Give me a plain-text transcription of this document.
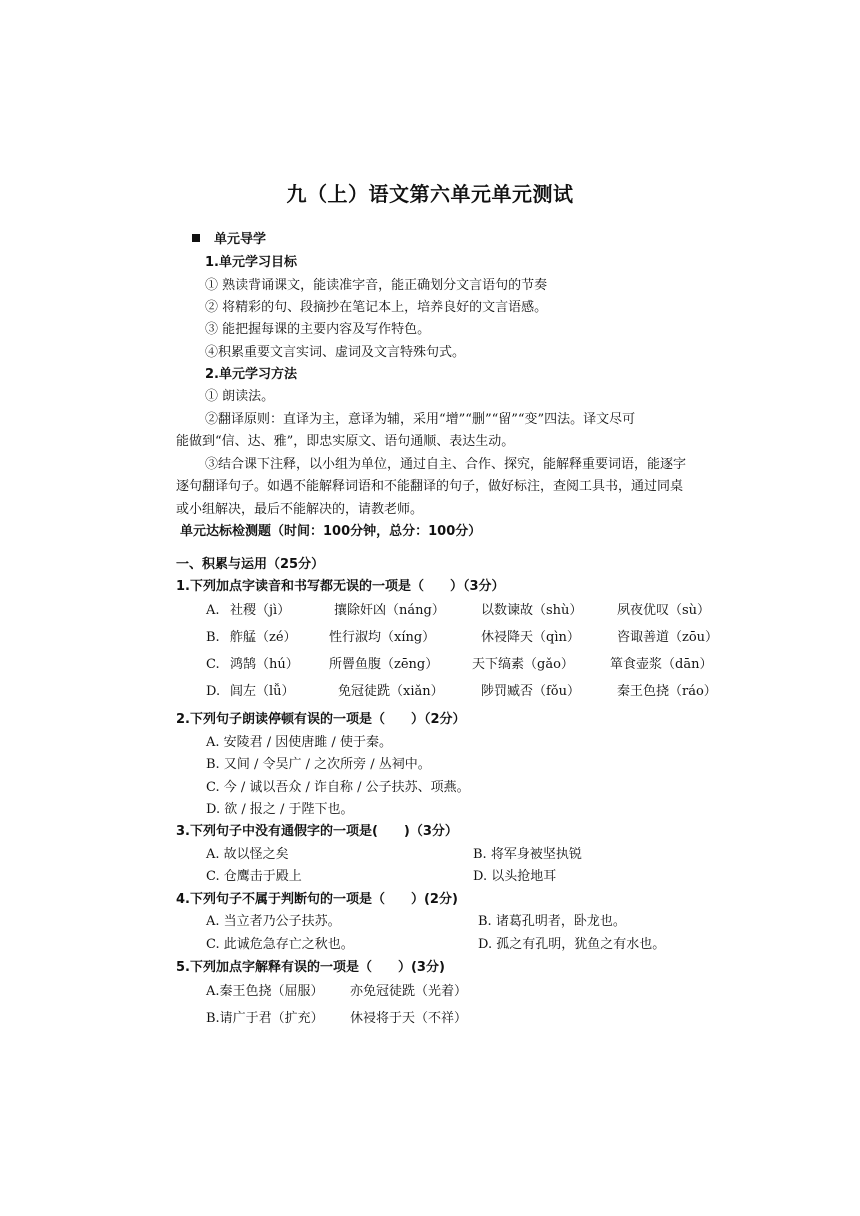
九（上）语文第六单元单元测试
单元导学
1.单元学习目标
① 熟读背诵课文，能读准字音，能正确划分文言语句的节奏
② 将精彩的句、段摘抄在笔记本上，培养良好的文言语感。
③ 能把握每课的主要内容及写作特色。
④积累重要文言实词、虚词及文言特殊句式。
2.单元学习方法
① 朗读法。
②翻译原则：直译为主，意译为辅，采用“增”“删”“留”“变”四法。译文尽可
能做到“信、达、雅”，即忠实原文、语句通顺、表达生动。
③结合课下注释，以小组为单位，通过自主、合作、探究，能解释重要词语，能逐字
逐句翻译句子。如遇不能解释词语和不能翻译的句子，做好标注，查阅工具书，通过同桌
或小组解决，最后不能解决的，请教老师。
单元达标检测题（时间：100分钟，总分：100分）
一、积累与运用（25分）
1.下列加点字读音和书写都无误的一项是（　　）（3分）
A. 社稷（jì）	攘除奸凶（náng）	以数谏故（shù）	夙夜优叹（sù）
B. 舴艋（zé） 性行淑均（xíng）	休祲降天（qìn）	咨诹善道（zōu）
C. 鸿鹄（hú） 所罾鱼腹（zēng）	天下缟素（gǎo）	箪食壶浆（dān）
D. 闾左（lǚ）	免冠徒跣（xiǎn）	陟罚臧否（fǒu）	秦王色挠（ráo）
2.下列句子朗读停顿有误的一项是（　　）（2分）
A. 安陵君 / 因使唐雎 / 使于秦。
B. 又间 / 令吴广 / 之次所旁 / 丛祠中。
C. 今 / 诚以吾众 / 诈自称 / 公子扶苏、项燕。
D. 欲 / 报之 / 于陛下也。
3.下列句子中没有通假字的一项是(　　)（3分）
A. 故以怪之矣	B. 将军身被坚执锐
C. 仓鹰击于殿上	D. 以头抢地耳
4.下列句子不属于判断句的一项是（　　）(2分)
A. 当立者乃公子扶苏。	B. 诸葛孔明者，卧龙也。
C. 此诚危急存亡之秋也。	D. 孤之有孔明，犹鱼之有水也。
5.下列加点字解释有误的一项是（　　）(3分)
A.秦王色挠（屈服） 亦免冠徒跣（光着）
B.请广于君（扩充） 休祲将于天（不祥）
